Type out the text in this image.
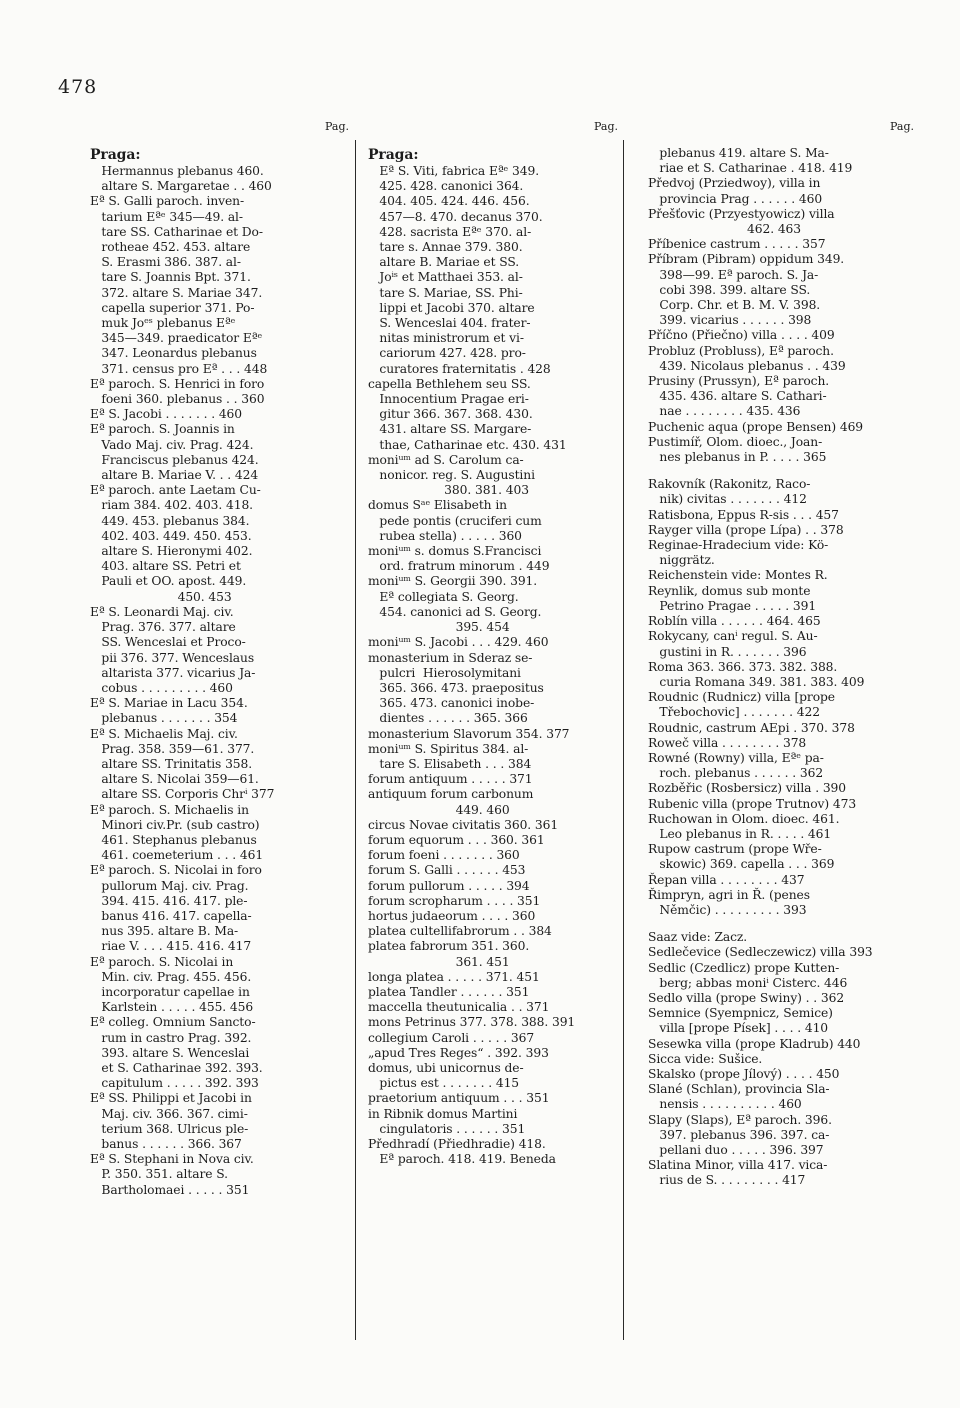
478
Pag.	Pag.	Pag.
Praga:
Hermannus plebanus 460.
altare S. Margaretae . . 460
Eª S. Galli paroch. inven-
tarium Eªᵉ 345—49. al-
tare SS. Catharinae et Do-
rotheae 452. 453. altare
S. Erasmi 386. 387. al-
tare S. Joannis Bpt. 371.
372. altare S. Mariae 347.
capella superior 371. Po-
muk Joᵉˢ plebanus Eªᵉ
345—349. praedicator Eªᵉ
347. Leonardus plebanus
371. census pro Eª . . . 448
Eª paroch. S. Henrici in foro
foeni 360. plebanus . . 360
Eª S. Jacobi . . . . . . . 460
Eª paroch. S. Joannis in
Vado Maj. civ. Prag. 424.
Franciscus plebanus 424.
altare B. Mariae V. . . 424
Eª paroch. ante Laetam Cu-
riam 384. 402. 403. 418.
449. 453. plebanus 384.
402. 403. 449. 450. 453.
altare S. Hieronymi 402.
403. altare SS. Petri et
Pauli et OO. apost. 449.
450. 453
Eª S. Leonardi Maj. civ.
Prag. 376. 377. altare
SS. Wenceslai et Proco-
pii 376. 377. Wenceslaus
altarista 377. vicarius Ja-
cobus . . . . . . . . . 460
Eª S. Mariae in Lacu 354.
plebanus . . . . . . . 354
Eª S. Michaelis Maj. civ.
Prag. 358. 359—61. 377.
altare SS. Trinitatis 358.
altare S. Nicolai 359—61.
altare SS. Corporis Chrⁱ 377
Eª paroch. S. Michaelis in
Minori civ.Pr. (sub castro)
461. Stephanus plebanus
461. coemeterium . . . 461
Eª paroch. S. Nicolai in foro
pullorum Maj. civ. Prag.
394. 415. 416. 417. ple-
banus 416. 417. capella-
nus 395. altare B. Ma-
riae V. . . . 415. 416. 417
Eª paroch. S. Nicolai in
Min. civ. Prag. 455. 456.
incorporatur capellae in
Karlstein . . . . . 455. 456
Eª colleg. Omnium Sancto-
rum in castro Prag. 392.
393. altare S. Wenceslai
et S. Catharinae 392. 393.
capitulum . . . . . 392. 393
Eª SS. Philippi et Jacobi in
Maj. civ. 366. 367. cimi-
terium 368. Ulricus ple-
banus . . . . . . 366. 367
Eª S. Stephani in Nova civ.
P. 350. 351. altare S.
Bartholomaei . . . . . 351
Praga:
Eª S. Viti, fabrica Eªᵉ 349.
425. 428. canonici 364.
404. 405. 424. 446. 456.
457—8. 470. decanus 370.
428. sacrista Eªᵉ 370. al-
tare s. Annae 379. 380.
altare B. Mariae et SS.
Joⁱˢ et Matthaei 353. al-
tare S. Mariae, SS. Phi-
lippi et Jacobi 370. altare
S. Wenceslai 404. frater-
nitas ministrorum et vi-
cariorum 427. 428. pro-
curatores fraternitatis . 428
capella Bethlehem seu SS.
Innocentium Pragae eri-
gitur 366. 367. 368. 430.
431. altare SS. Margare-
thae, Catharinae etc. 430. 431
moniᵘᵐ ad S. Carolum ca-
nonicor. reg. S. Augustini
380. 381. 403
domus Sᵃᵉ Elisabeth in
pede pontis (cruciferi cum
rubea stella) . . . . . 360
moniᵘᵐ s. domus S.Francisci
ord. fratrum minorum . 449
moniᵘᵐ S. Georgii 390. 391.
Eª collegiata S. Georg.
454. canonici ad S. Georg.
395. 454
moniᵘᵐ S. Jacobi . . . 429. 460
monasterium in Sderaz se-
pulcri  Hierosolymitani
365. 366. 473. praepositus
365. 473. canonici inobe-
dientes . . . . . . 365. 366
monasterium Slavorum 354. 377
moniᵘᵐ S. Spiritus 384. al-
tare S. Elisabeth . . . 384
forum antiquum . . . . . 371
antiquum forum carbonum
449. 460
circus Novae civitatis 360. 361
forum equorum . . . 360. 361
forum foeni . . . . . . . 360
forum S. Galli . . . . . . 453
forum pullorum . . . . . 394
forum scropharum . . . . 351
hortus judaeorum . . . . 360
platea cultellifabrorum . . 384
platea fabrorum 351. 360.
361. 451
longa platea . . . . . 371. 451
platea Tandler . . . . . . 351
maccella theutunicalia . . 371
mons Petrinus 377. 378. 388. 391
collegium Caroli . . . . . 367
„apud Tres Reges“ . 392. 393
domus, ubi unicornus de-
pictus est . . . . . . . 415
praetorium antiquum . . . 351
in Ribnik domus Martini
cingulatoris . . . . . . 351
Předhradí (Přiedhradie) 418.
Eª paroch. 418. 419. Beneda
plebanus 419. altare S. Ma-
riae et S. Catharinae . 418. 419
Předvoj (Prziedwoy), villa in
provincia Prag . . . . . . 460
Přešťovic (Przyestyowicz) villa
462. 463
Příbenice castrum . . . . . 357
Příbram (Pibram) oppidum 349.
398—99. Eª paroch. S. Ja-
cobi 398. 399. altare SS.
Corp. Chr. et B. M. V. 398.
399. vicarius . . . . . . 398
Příčno (Přiečno) villa . . . . 409
Probluz (Probluss), Eª paroch.
439. Nicolaus plebanus . . 439
Prusiny (Prussyn), Eª paroch.
435. 436. altare S. Cathari-
nae . . . . . . . . 435. 436
Puchenic aqua (prope Bensen) 469
Pustimíř, Olom. dioec., Joan-
nes plebanus in P. . . . . 365
Rakovník (Rakonitz, Raco-
nik) civitas . . . . . . . 412
Ratisbona, Eppus R-sis . . . 457
Rayger villa (prope Lípa) . . 378
Reginae-Hradecium vide: Kö-
niggrätz.
Reichenstein vide: Montes R.
Reynlik, domus sub monte
Petrino Pragae . . . . . 391
Roblín villa . . . . . . 464. 465
Rokycany, canⁱ regul. S. Au-
gustini in R. . . . . . . 396
Roma 363. 366. 373. 382. 388.
curia Romana 349. 381. 383. 409
Roudnic (Rudnicz) villa [prope
Třebochovic] . . . . . . . 422
Roudnic, castrum AEpi . 370. 378
Roweč villa . . . . . . . . 378
Rowné (Rowny) villa, Eªᵉ pa-
roch. plebanus . . . . . . 362
Rozběřic (Rosbersicz) villa . 390
Rubenic villa (prope Trutnov) 473
Ruchowan in Olom. dioec. 461.
Leo plebanus in R. . . . . 461
Rupow castrum (prope Wře-
skowic) 369. capella . . . 369
Řepan villa . . . . . . . . 437
Řimpryn, agri in Ř. (penes
Němčic) . . . . . . . . . 393
Saaz vide: Zacz.
Sedlečevice (Sedleczewicz) villa 393
Sedlic (Czedlicz) prope Kutten-
berg; abbas moniⁱ Cisterc. 446
Sedlo villa (prope Swiny) . . 362
Semnice (Syempnicz, Semice)
villa [prope Písek] . . . . 410
Sesewka villa (prope Kladrub) 440
Sicca vide: Sušice.
Skalsko (prope Jílový) . . . . 450
Slané (Schlan), provincia Sla-
nensis . . . . . . . . . . 460
Slapy (Slaps), Eª paroch. 396.
397. plebanus 396. 397. ca-
pellani duo . . . . . 396. 397
Slatina Minor, villa 417. vica-
rius de S. . . . . . . . . 417
